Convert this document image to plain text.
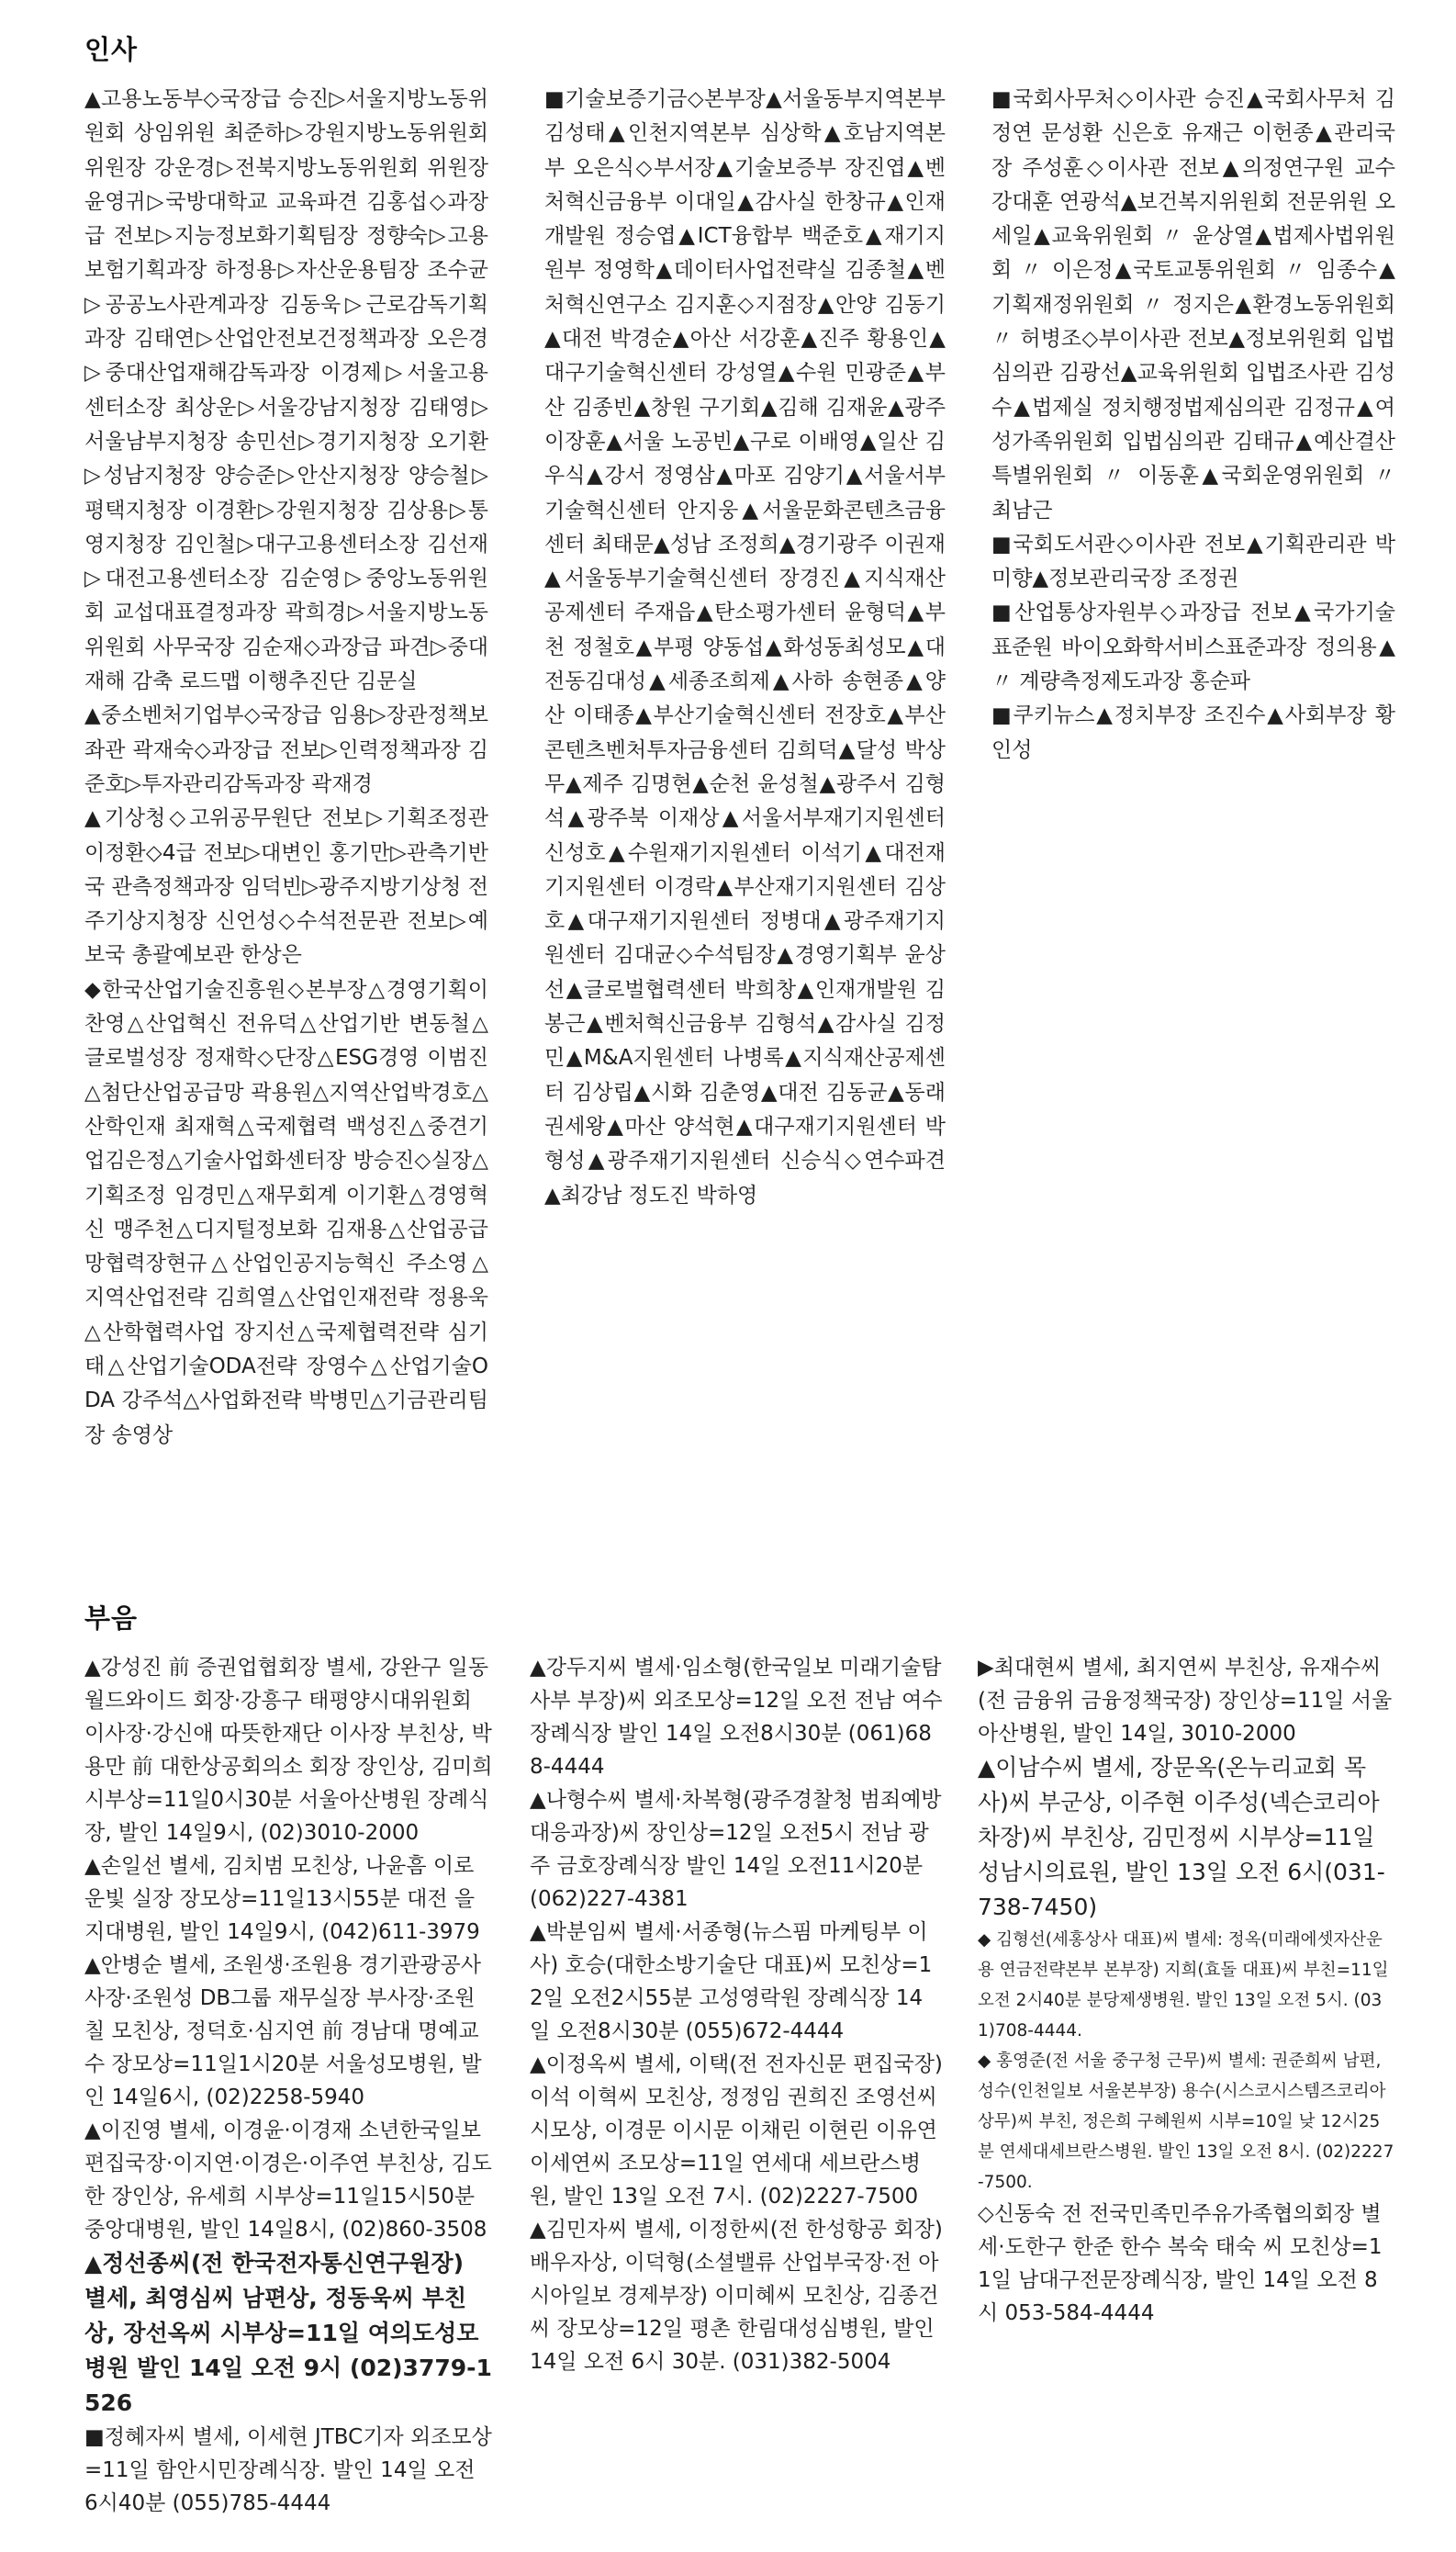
인사

▲고용노동부◇국장급 승진▷서울지방노동위원회 상임위원 최준하▷강원지방노동위원회 위원장 강운경▷전북지방노동위원회 위원장 윤영귀▷국방대학교 교육파견 김홍섭◇과장급 전보▷지능정보화기획팀장 정향숙▷고용보험기획과장 하정용▷자산운용팀장 조수균▷공공노사관계과장 김동욱▷근로감독기획과장 김태연▷산업안전보건정책과장 오은경▷중대산업재해감독과장 이경제▷서울고용센터소장 최상운▷서울강남지청장 김태영▷서울남부지청장 송민선▷경기지청장 오기환▷성남지청장 양승준▷안산지청장 양승철▷평택지청장 이경환▷강원지청장 김상용▷통영지청장 김인철▷대구고용센터소장 김선재▷대전고용센터소장 김순영▷중앙노동위원회 교섭대표결정과장 곽희경▷서울지방노동위원회 사무국장 김순재◇과장급 파견▷중대재해 감축 로드맵 이행추진단 김문실

▲중소벤처기업부◇국장급 임용▷장관정책보좌관 곽재숙◇과장급 전보▷인력정책과장 김준호▷투자관리감독과장 곽재경

▲기상청◇고위공무원단 전보▷기획조정관 이정환◇4급 전보▷대변인 홍기만▷관측기반국 관측정책과장 임덕빈▷광주지방기상청 전주기상지청장 신언성◇수석전문관 전보▷예보국 총괄예보관 한상은

◆한국산업기술진흥원◇본부장△경영기획이찬영△산업혁신 전유덕△산업기반 변동철△글로벌성장 정재학◇단장△ESG경영 이범진△첨단산업공급망 곽용원△지역산업박경호△산학인재 최재혁△국제협력 백성진△중견기업김은정△기술사업화센터장 방승진◇실장△기획조정 임경민△재무회계 이기환△경영혁신 맹주천△디지털정보화 김재용△산업공급망협력장현규△산업인공지능혁신 주소영△지역산업전략 김희열△산업인재전략 정용욱△산학협력사업 장지선△국제협력전략 심기태△산업기술ODA전략 장영수△산업기술ODA 강주석△사업화전략 박병민△기금관리팀장 송영상

■기술보증기금◇본부장▲서울동부지역본부 김성태▲인천지역본부 심상학▲호남지역본부 오은식◇부서장▲기술보증부 장진엽▲벤처혁신금융부 이대일▲감사실 한창규▲인재개발원 정승엽▲ICT융합부 백준호▲재기지원부 정영학▲데이터사업전략실 김종철▲벤처혁신연구소 김지훈◇지점장▲안양 김동기▲대전 박경순▲아산 서강훈▲진주 황용인▲대구기술혁신센터 강성열▲수원 민광준▲부산 김종빈▲창원 구기회▲김해 김재윤▲광주 이장훈▲서울 노공빈▲구로 이배영▲일산 김우식▲강서 정영삼▲마포 김양기▲서울서부기술혁신센터 안지웅▲서울문화콘텐츠금융센터 최태문▲성남 조정희▲경기광주 이권재▲서울동부기술혁신센터 장경진▲지식재산공제센터 주재읍▲탄소평가센터 윤형덕▲부천 정철호▲부평 양동섭▲화성동최성모▲대전동김대성▲세종조희제▲사하 송현종▲양산 이태종▲부산기술혁신센터 전장호▲부산콘텐츠벤처투자금융센터 김희덕▲달성 박상무▲제주 김명현▲순천 윤성철▲광주서 김형석▲광주북 이재상▲서울서부재기지원센터 신성호▲수원재기지원센터 이석기▲대전재기지원센터 이경락▲부산재기지원센터 김상호▲대구재기지원센터 정병대▲광주재기지원센터 김대균◇수석팀장▲경영기획부 윤상선▲글로벌협력센터 박희창▲인재개발원 김봉근▲벤처혁신금융부 김형석▲감사실 김정민▲M&A지원센터 나병록▲지식재산공제센터 김상립▲시화 김춘영▲대전 김동균▲동래 권세왕▲마산 양석현▲대구재기지원센터 박형성▲광주재기지원센터 신승식◇연수파견▲최강남 정도진 박하영

■국회사무처◇이사관 승진▲국회사무처 김정연 문성환 신은호 유재근 이헌종▲관리국장 주성훈◇이사관 전보▲의정연구원 교수 강대훈 연광석▲보건복지위원회 전문위원 오세일▲교육위원회 〃 윤상열▲법제사법위원회 〃 이은정▲국토교통위원회 〃 임종수▲기획재정위원회 〃 정지은▲환경노동위원회 〃 허병조◇부이사관 전보▲정보위원회 입법심의관 김광선▲교육위원회 입법조사관 김성수▲법제실 정치행정법제심의관 김정규▲여성가족위원회 입법심의관 김태규▲예산결산특별위원회 〃 이동훈▲국회운영위원회 〃 최남근

■국회도서관◇이사관 전보▲기획관리관 박미향▲정보관리국장 조정권

■산업통상자원부◇과장급 전보▲국가기술표준원 바이오화학서비스표준과장 정의용▲〃 계량측정제도과장 홍순파

■쿠키뉴스▲정치부장 조진수▲사회부장 황인성

부음

▲강성진 前 증권업협회장 별세, 강완구 일동월드와이드 회장·강흥구 태평양시대위원회 이사장·강신애 따뜻한재단 이사장 부친상, 박용만 前 대한상공회의소 회장 장인상, 김미희 시부상=11일0시30분 서울아산병원 장례식장, 발인 14일9시, (02)3010-2000

▲손일선 별세, 김치범 모친상, 나윤흠 이로운빛 실장 장모상=11일13시55분 대전 을지대병원, 발인 14일9시, (042)611-3979

▲안병순 별세, 조원생·조원용 경기관광공사 사장·조원성 DB그룹 재무실장 부사장·조원칠 모친상, 정덕호·심지연 前 경남대 명예교수 장모상=11일1시20분 서울성모병원, 발인 14일6시, (02)2258-5940

▲이진영 별세, 이경윤·이경재 소년한국일보 편집국장·이지연·이경은·이주연 부친상, 김도한 장인상, 유세희 시부상=11일15시50분 중앙대병원, 발인 14일8시, (02)860-3508

▲정선종씨(전 한국전자통신연구원장) 별세, 최영심씨 남편상, 정동욱씨 부친상, 장선옥씨 시부상=11일 여의도성모병원 발인 14일 오전 9시 (02)3779-1526

■정혜자씨 별세, 이세현 JTBC기자 외조모상=11일 함안시민장례식장. 발인 14일 오전 6시40분 (055)785-4444

▲강두지씨 별세·임소형(한국일보 미래기술탐사부 부장)씨 외조모상=12일 오전 전남 여수 장례식장 발인 14일 오전8시30분 (061)688-4444

▲나형수씨 별세·차복형(광주경찰청 범죄예방대응과장)씨 장인상=12일 오전5시 전남 광주 금호장례식장 발인 14일 오전11시20분 (062)227-4381

▲박분임씨 별세·서종형(뉴스핌 마케팅부 이사) 호승(대한소방기술단 대표)씨 모친상=12일 오전2시55분 고성영락원 장례식장 14일 오전8시30분 (055)672-4444

▲이정옥씨 별세, 이택(전 전자신문 편집국장) 이석 이혁씨 모친상, 정정임 권희진 조영선씨 시모상, 이경문 이시문 이채린 이현린 이유연 이세연씨 조모상=11일 연세대 세브란스병원, 발인 13일 오전 7시. (02)2227-7500

▲김민자씨 별세, 이정한씨(전 한성항공 회장) 배우자상, 이덕형(소셜밸류 산업부국장·전 아시아일보 경제부장) 이미혜씨 모친상, 김종건씨 장모상=12일 평촌 한림대성심병원, 발인 14일 오전 6시 30분. (031)382-5004

▶최대현씨 별세, 최지연씨 부친상, 유재수씨(전 금융위 금융정책국장) 장인상=11일 서울아산병원, 발인 14일, 3010-2000

▲이남수씨 별세, 장문옥(온누리교회 목사)씨 부군상, 이주현 이주성(넥슨코리아 차장)씨 부친상, 김민정씨 시부상=11일 성남시의료원, 발인 13일 오전 6시(031-738-7450)

◆ 김형선(세홍상사 대표)씨 별세: 정옥(미래에셋자산운용 연금전략본부 본부장) 지희(효돌 대표)씨 부친=11일 오전 2시40분 분당제생병원. 발인 13일 오전 5시. (031)708-4444.

◆ 홍영준(전 서울 중구청 근무)씨 별세: 권준희씨 남편, 성수(인천일보 서울본부장) 용수(시스코시스템즈코리아 상무)씨 부친, 정은희 구혜원씨 시부=10일 낮 12시25분 연세대세브란스병원. 발인 13일 오전 8시. (02)2227-7500.

◇신동숙 전 전국민족민주유가족협의회장 별세·도한구 한준 한수 복숙 태숙 씨 모친상=11일 남대구전문장례식장, 발인 14일 오전 8시 053-584-4444
